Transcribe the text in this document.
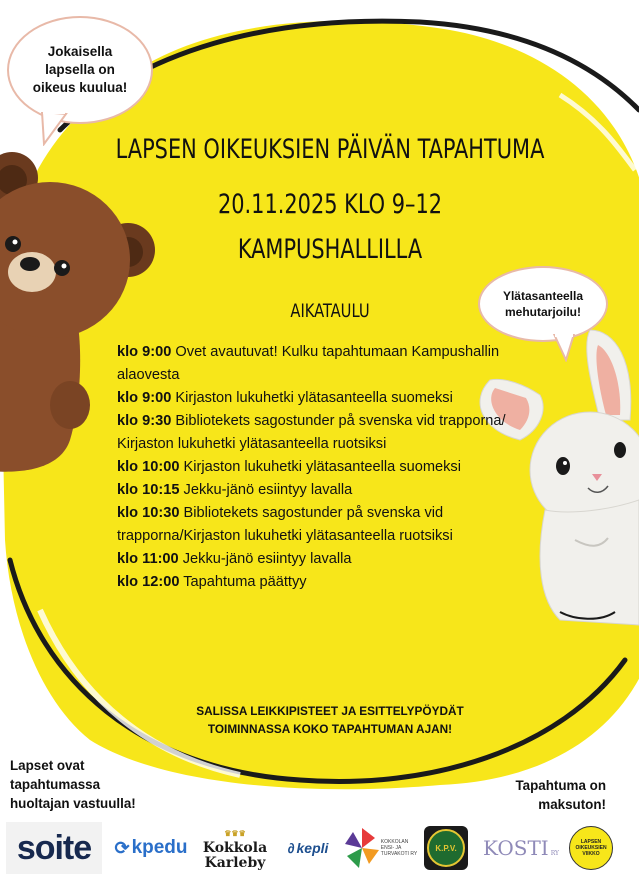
Jokaisella lapsella on oikeus kuulua!
Ylätasanteella mehutarjoilu!
LAPSEN OIKEUKSIEN PÄIVÄN TAPAHTUMA
20.11.2025 KLO 9–12
KAMPUSHALLILLA
AIKATAULU
klo 9:00 Ovet avautuvat! Kulku tapahtumaan Kampushallin alaovesta
klo 9:00 Kirjaston lukuhetki ylätasanteella suomeksi
klo 9:30 Bibliotekets sagostunder på svenska vid trapporna/ Kirjaston lukuhetki ylätasanteella ruotsiksi
klo 10:00 Kirjaston lukuhetki ylätasanteella suomeksi
klo 10:15 Jekku-jänö esiintyy lavalla
klo 10:30 Bibliotekets sagostunder på svenska vid trapporna/Kirjaston lukuhetki ylätasanteella ruotsiksi
klo 11:00 Jekku-jänö esiintyy lavalla
klo 12:00 Tapahtuma päättyy
SALISSA LEIKKIPISTEET JA ESITTELYPÖYDÄT
TOIMINNASSA KOKO TAPAHTUMAN AJAN!
Lapset ovat
tapahtumassa
huoltajan vastuulla!
Tapahtuma on
maksuton!
soite ⟳ kpedu
♛♛♛
Kokkola
Karleby
∂ kepli	KOKKOLAN
ENSI- JA
TURVAKOTI RY
K.P.V. KOSTI RY
LAPSEN
OIKEUKSIEN
VIIKKO
